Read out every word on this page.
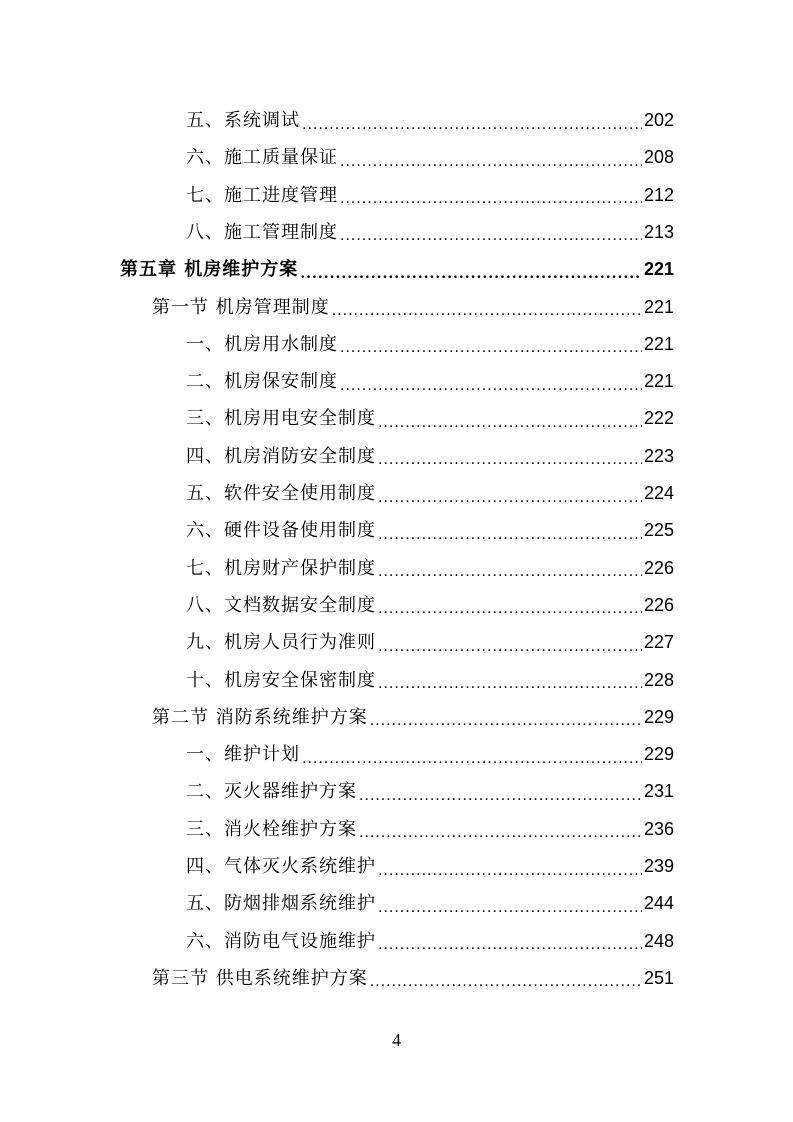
五、系统调试 .....	202
六、施工质量保证 .....	208
七、施工进度管理 .....	212
八、施工管理制度 .....	213
第五章 机房维护方案 .....	221
第一节 机房管理制度 .....	221
一、机房用水制度 .....	221
二、机房保安制度 .....	221
三、机房用电安全制度 .....	222
四、机房消防安全制度 .....	223
五、软件安全使用制度 .....	224
六、硬件设备使用制度 .....	225
七、机房财产保护制度 .....	226
八、文档数据安全制度 .....	226
九、机房人员行为准则 .....	227
十、机房安全保密制度 .....	228
第二节 消防系统维护方案 .....	229
一、维护计划 .....	229
二、灭火器维护方案 .....	231
三、消火栓维护方案 .....	236
四、气体灭火系统维护 .....	239
五、防烟排烟系统维护 .....	244
六、消防电气设施维护 .....	248
第三节 供电系统维护方案 .....	251
4
